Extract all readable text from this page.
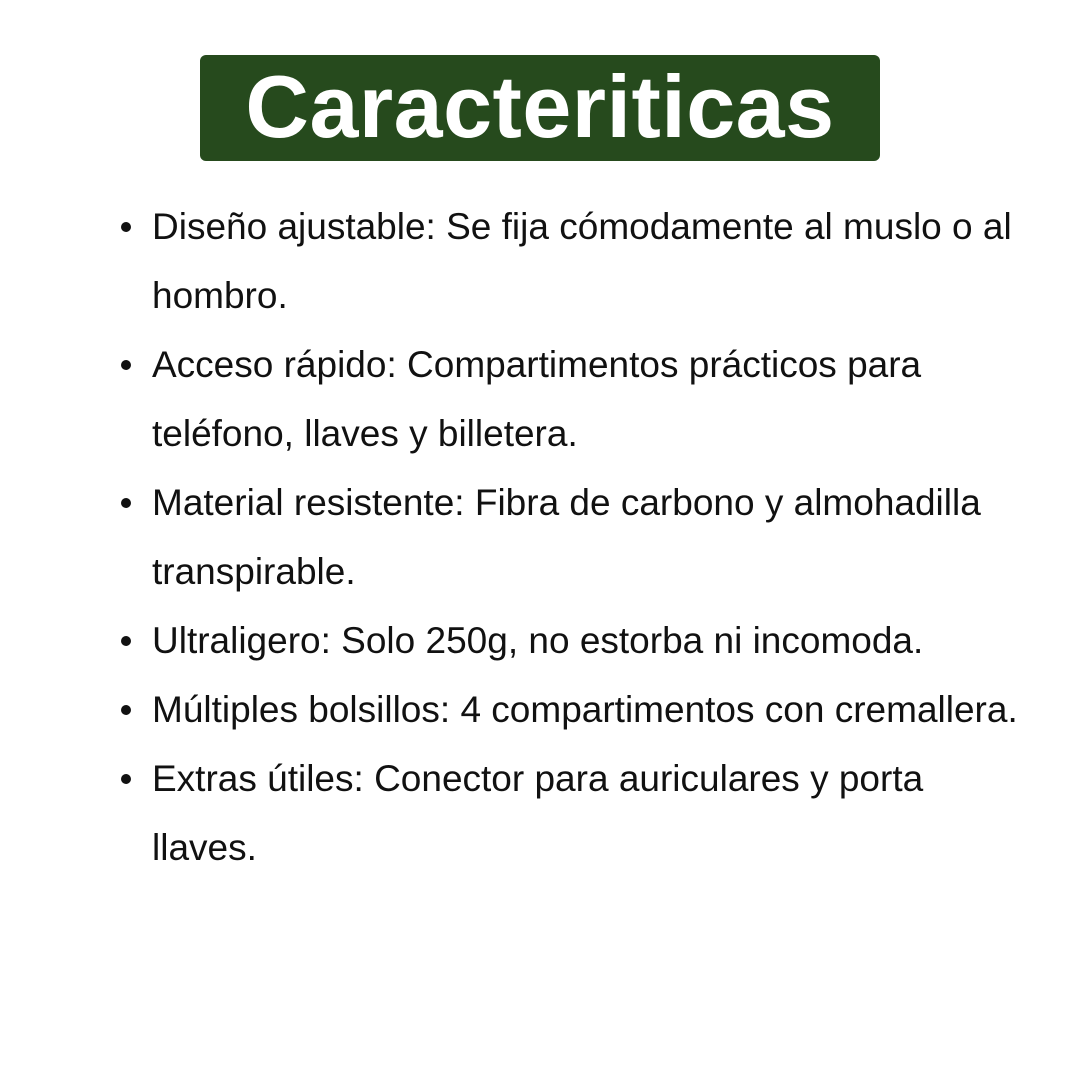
Caracteriticas
Diseño ajustable: Se fija cómodamente al muslo o al hombro.
Acceso rápido: Compartimentos prácticos para teléfono, llaves y billetera.
Material resistente: Fibra de carbono y almohadilla transpirable.
Ultraligero: Solo 250g, no estorba ni incomoda.
Múltiples bolsillos: 4 compartimentos con cremallera.
Extras útiles: Conector para auriculares y porta llaves.
